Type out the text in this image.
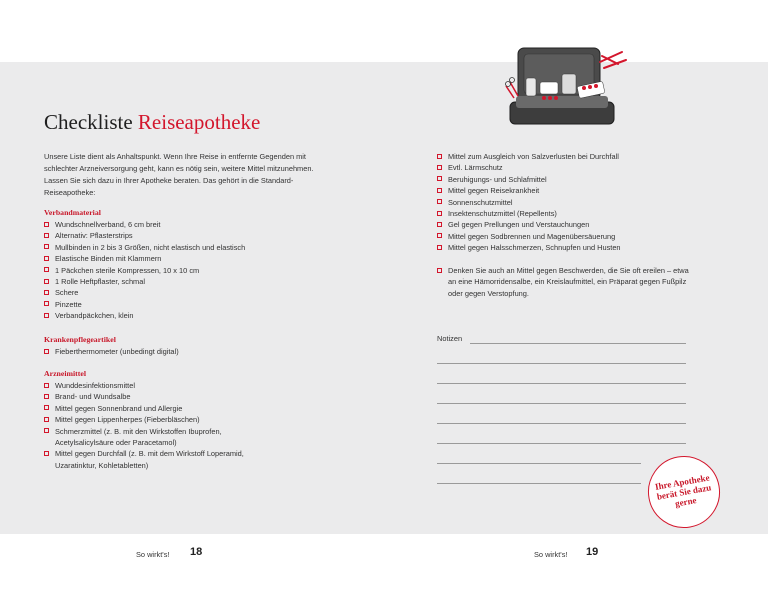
Checkliste Reiseapotheke
Unsere Liste dient als Anhaltspunkt. Wenn Ihre Reise in entfernte Gegenden mit schlechter Arzneiversorgung geht, kann es nötig sein, weitere Mittel mitzunehmen. Lassen Sie sich dazu in Ihrer Apotheke beraten. Das gehört in die Standard-Reiseapotheke:
Verbandmaterial
Wundschnellverband, 6 cm breit
Alternativ: Pflasterstrips
Mullbinden in 2 bis 3 Größen, nicht elastisch und elastisch
Elastische Binden mit Klammern
1 Päckchen sterile Kompressen, 10 x 10 cm
1 Rolle Heftpflaster, schmal
Schere
Pinzette
Verbandpäckchen, klein
Krankenpflegeartikel
Fieberthermometer (unbedingt digital)
Arzneimittel
Wunddesinfektionsmittel
Brand- und Wundsalbe
Mittel gegen Sonnenbrand und Allergie
Mittel gegen Lippenherpes (Fieberbläschen)
Schmerzmittel (z. B. mit den Wirkstoffen Ibuprofen, Acetylsalicylsäure oder Paracetamol)
Mittel gegen Durchfall (z. B. mit dem Wirkstoff Loperamid, Uzaratinktur, Kohletabletten)
Mittel zum Ausgleich von Salzverlusten bei Durchfall
Evtl. Lärmschutz
Beruhigungs- und Schlafmittel
Mittel gegen Reisekrankheit
Sonnenschutzmittel
Insektenschutzmittel (Repellents)
Gel gegen Prellungen und Verstauchungen
Mittel gegen Sodbrennen und Magenübersäuerung
Mittel gegen Halsschmerzen, Schnupfen und Husten
Denken Sie auch an Mittel gegen Beschwerden, die Sie oft ereilen – etwa an eine Hämorridensalbe, ein Kreislaufmittel, ein Präparat gegen Fußpilz oder gegen Verstopfung.
Notizen
Ihre Apotheke berät Sie dazu gerne
So wirkt's! 18	So wirkt's! 19
